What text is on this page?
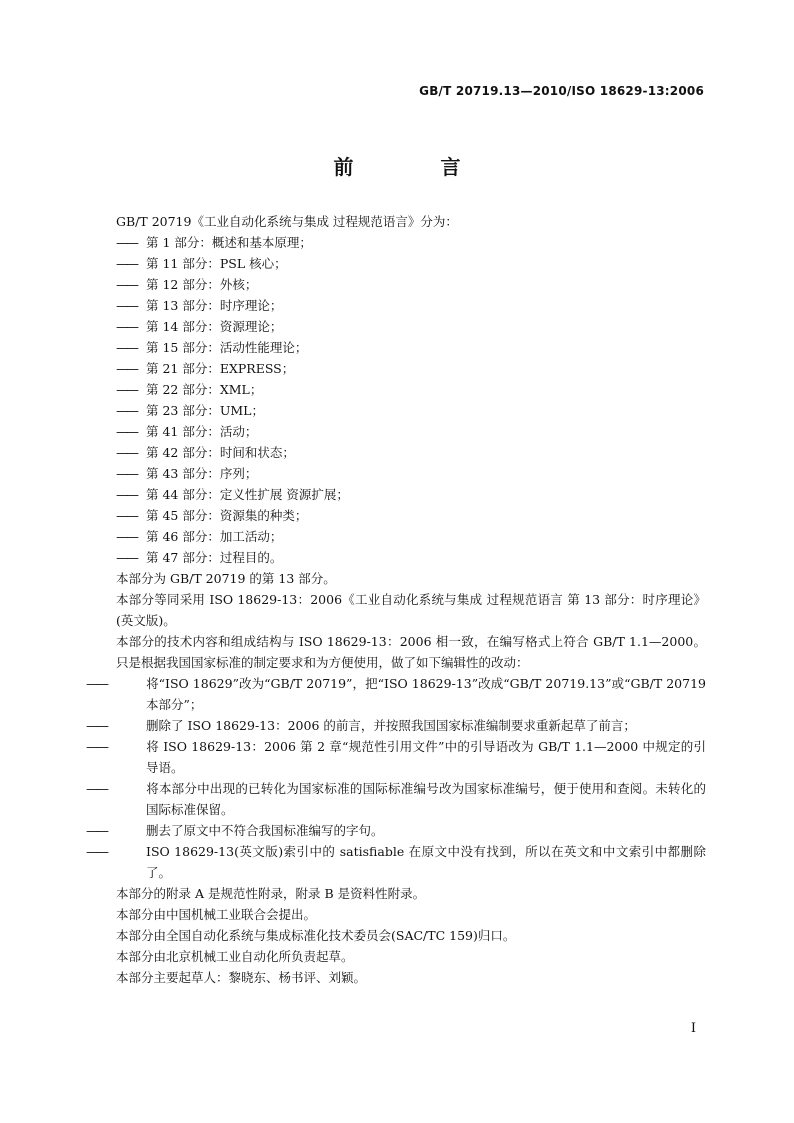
GB/T 20719.13—2010/ISO 18629-13:2006
前 言

GB/T 20719《工业自动化系统与集成 过程规范语言》分为：

—— 第 1 部分：概述和基本原理；

—— 第 11 部分：PSL 核心；

—— 第 12 部分：外核；

—— 第 13 部分：时序理论；

—— 第 14 部分：资源理论；

—— 第 15 部分：活动性能理论；

—— 第 21 部分：EXPRESS；

—— 第 22 部分：XML；

—— 第 23 部分：UML；

—— 第 41 部分：活动；

—— 第 42 部分：时间和状态；

—— 第 43 部分：序列；

—— 第 44 部分：定义性扩展 资源扩展；

—— 第 45 部分：资源集的种类；

—— 第 46 部分：加工活动；

—— 第 47 部分：过程目的。

本部分为 GB/T 20719 的第 13 部分。

本部分等同采用 ISO 18629-13：2006《工业自动化系统与集成 过程规范语言 第 13 部分：时序理论》(英文版)。

本部分的技术内容和组成结构与 ISO 18629-13：2006 相一致，在编写格式上符合 GB/T 1.1—2000。只是根据我国国家标准的制定要求和为方便使用，做了如下编辑性的改动：

——	将“ISO 18629”改为“GB/T 20719”，把“ISO 18629-13”改成“GB/T 20719.13”或“GB/T 20719 本部分”；

——	删除了 ISO 18629-13：2006 的前言，并按照我国国家标准编制要求重新起草了前言；

——	将 ISO 18629-13：2006 第 2 章“规范性引用文件”中的引导语改为 GB/T 1.1—2000 中规定的引导语。

——	将本部分中出现的已转化为国家标准的国际标准编号改为国家标准编号，便于使用和查阅。未转化的国际标准保留。

——	删去了原文中不符合我国标准编写的字句。

——	ISO 18629-13(英文版)索引中的 satisfiable 在原文中没有找到，所以在英文和中文索引中都删除了。

本部分的附录 A 是规范性附录，附录 B 是资料性附录。

本部分由中国机械工业联合会提出。

本部分由全国自动化系统与集成标准化技术委员会(SAC/TC 159)归口。

本部分由北京机械工业自动化所负责起草。

本部分主要起草人：黎晓东、杨书评、刘颖。

I
